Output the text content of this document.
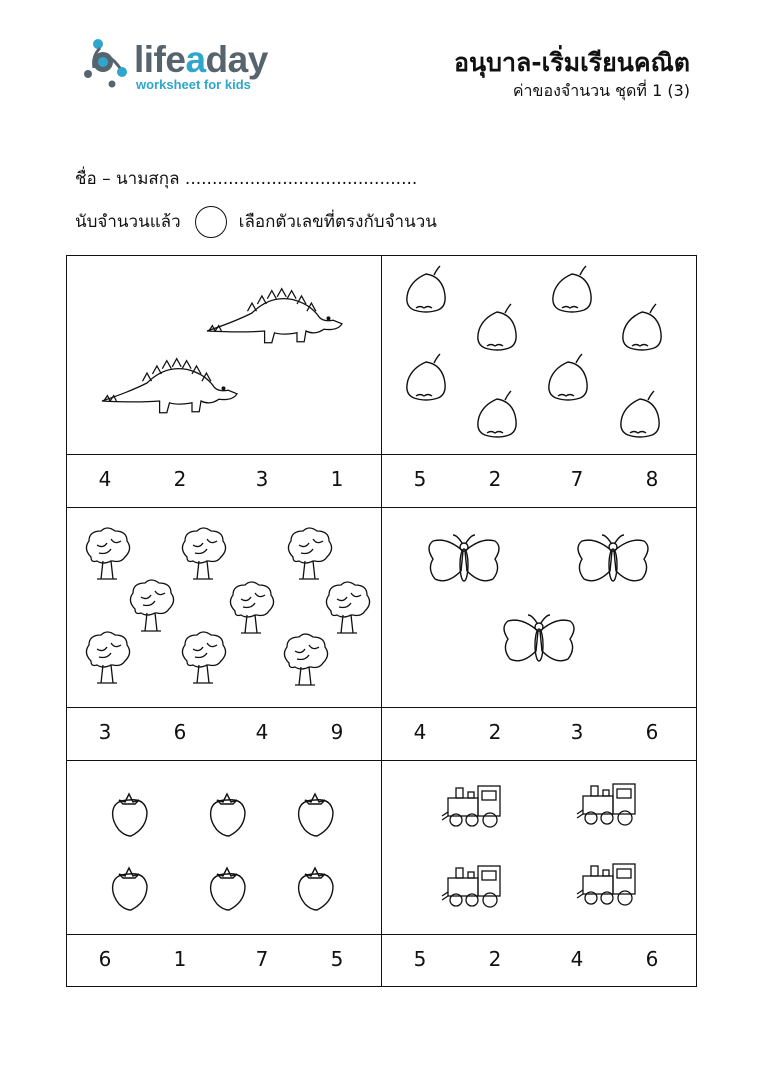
lifeaday
worksheet for kids
อนุบาล-เริ่มเรียนคณิต
ค่าของจำนวน ชุดที่ 1 (3)
ชื่อ – นามสกุล ...........................................
นับจำนวนแล้ว	เลือกตัวเลขที่ตรงกับจำนวน
4	2	3	1	5	2	7	8
3	6	4	9	4	2	3	6
6	1	7	5	5	2	4	6
